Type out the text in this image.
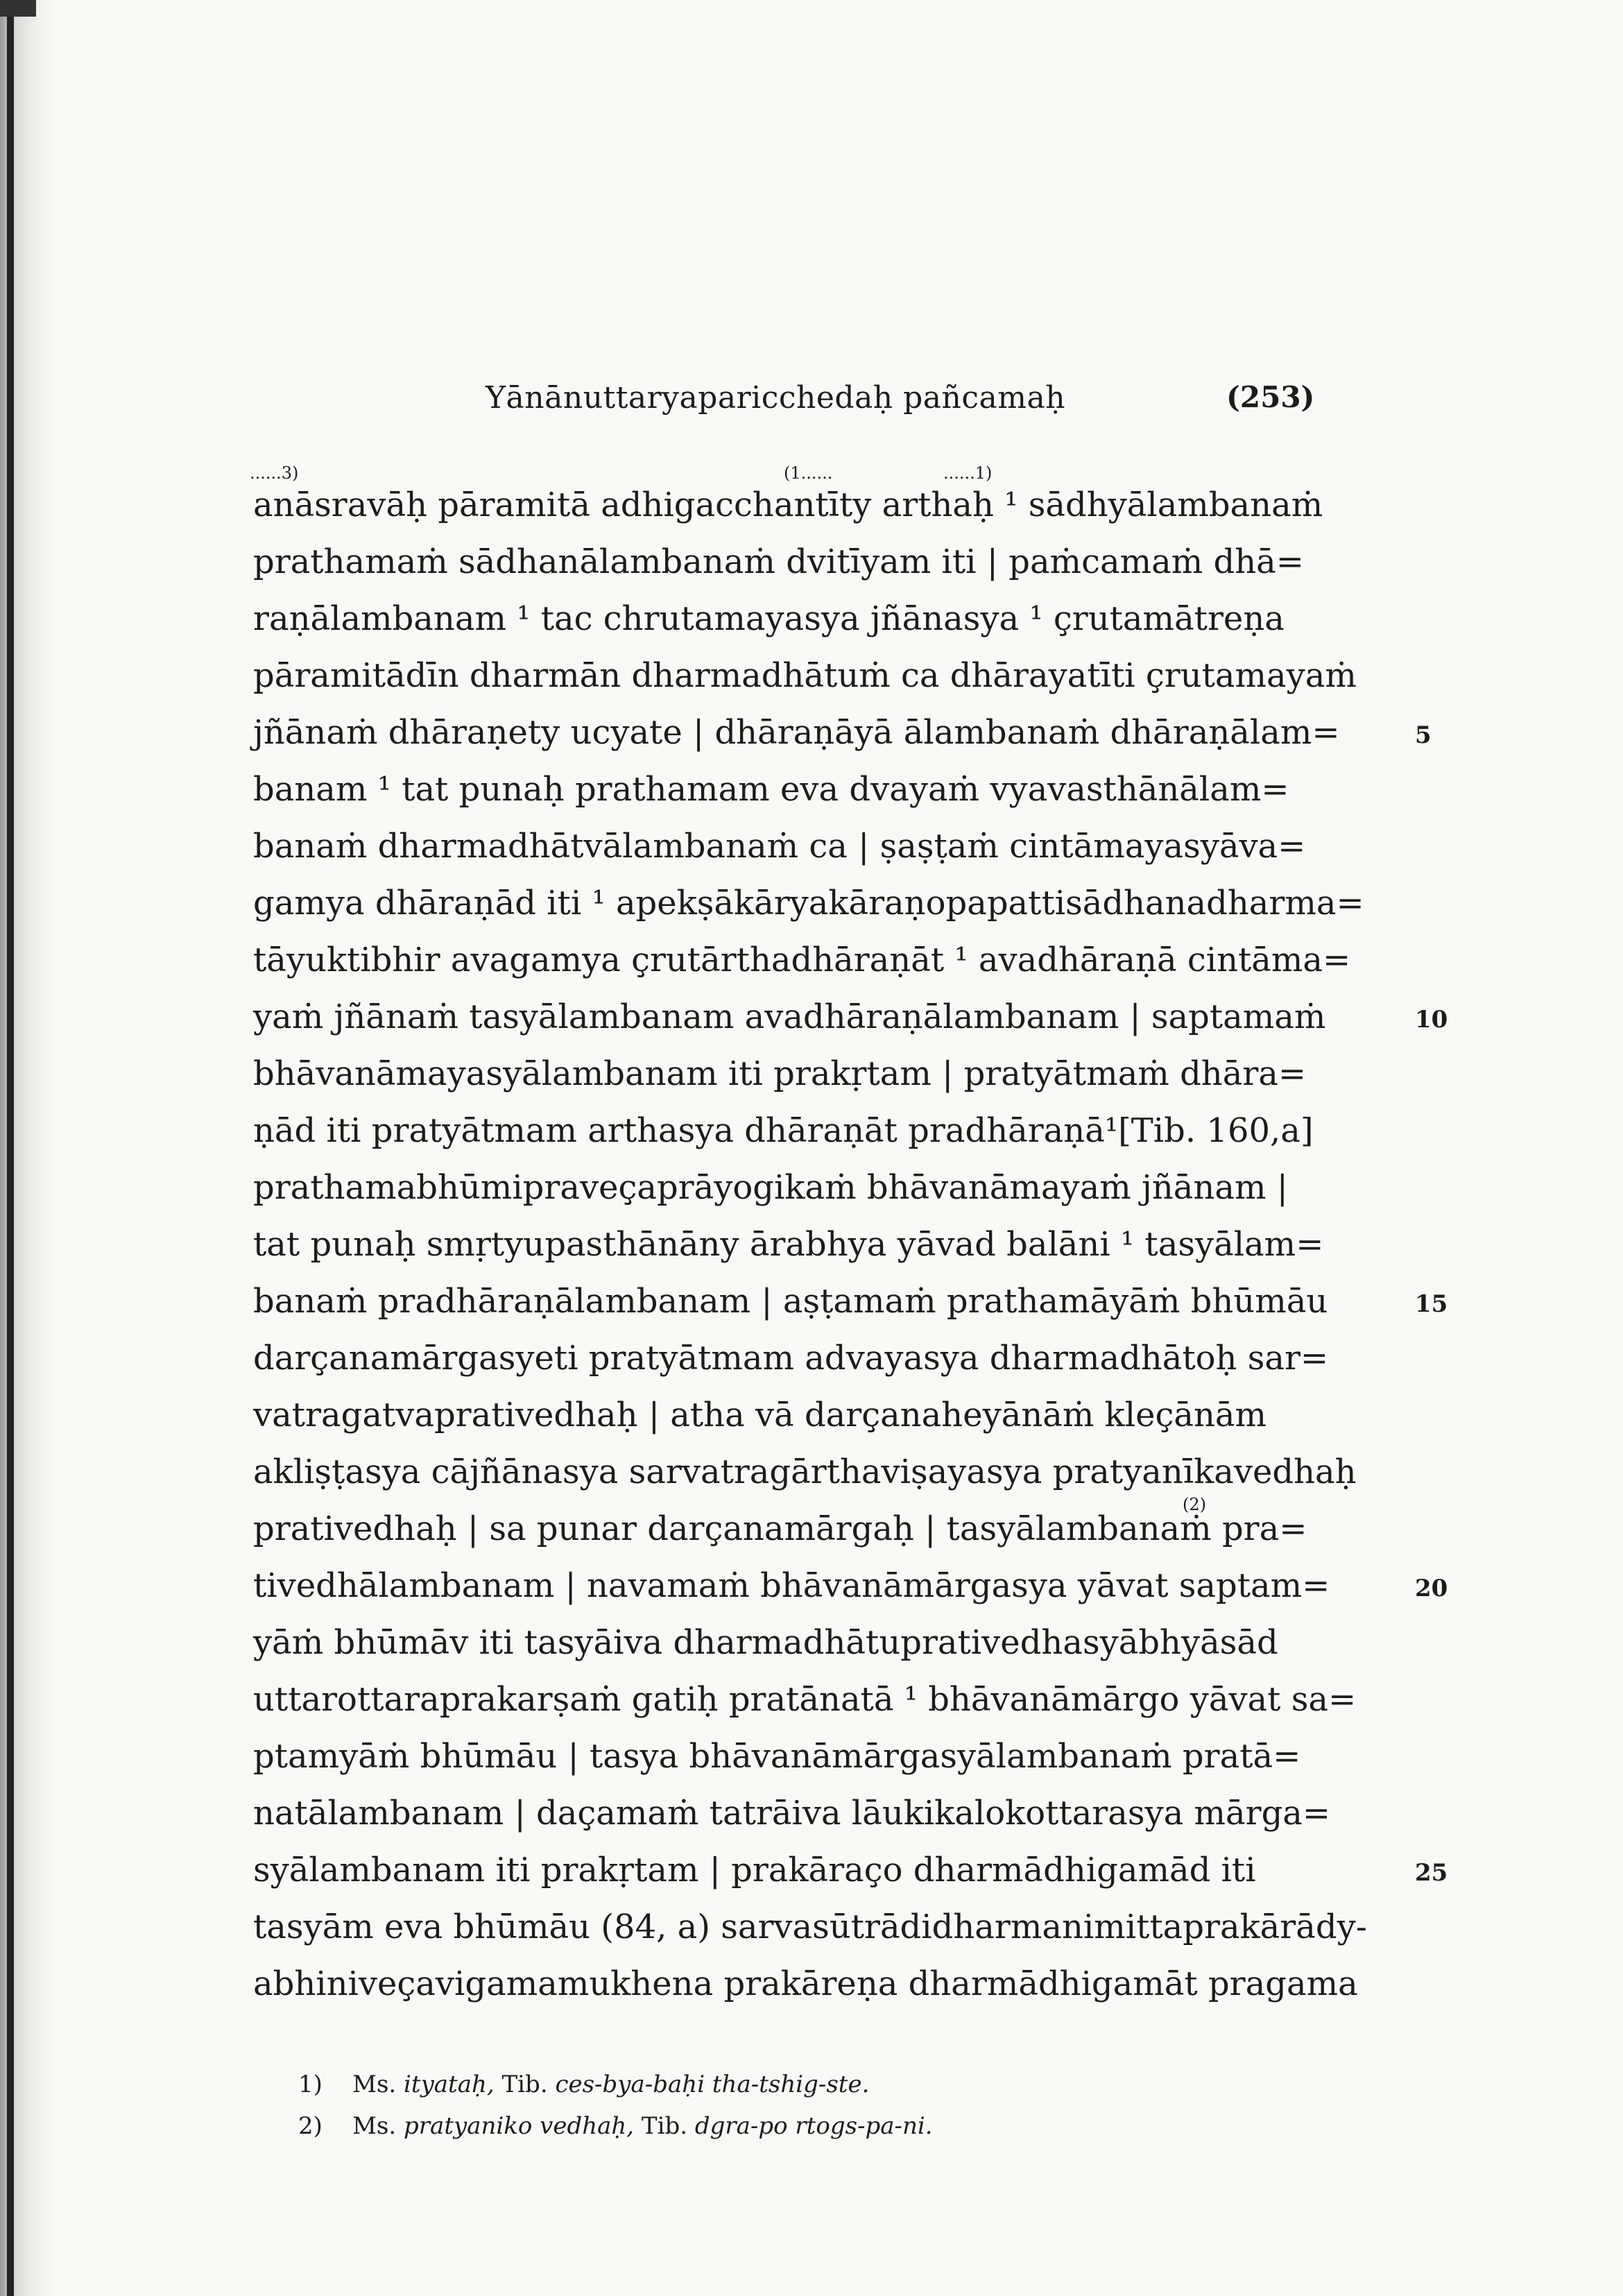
Yānānuttaryaparicchedaḥ pañcamaḥ	(253)
......3)	(1......	......1)
anāsravāḥ pāramitā adhigacchantīty arthaḥ ¹ sādhyālambanaṁ
prathamaṁ sādhanālambanaṁ dvitīyam iti | paṁcamaṁ dhā=
raṇālambanam ¹ tac chrutamayasya jñānasya ¹ çrutamātreṇa
pāramitādīn dharmān dharmadhātuṁ ca dhārayatīti çrutamayaṁ
jñānaṁ dhāraṇety ucyate | dhāraṇāyā ālambanaṁ dhāraṇālam=
banam ¹ tat punaḥ prathamam eva dvayaṁ vyavasthānālam=
banaṁ dharmadhātvālambanaṁ ca | ṣaṣṭaṁ cintāmayasyāva=
gamya dhāraṇād iti ¹ apekṣākāryakāraṇopapattisādhanadharma=
tāyuktibhir avagamya çrutārthadhāraṇāt ¹ avadhāraṇā cintāma=
yaṁ jñānaṁ tasyālambanam avadhāraṇālambanam | saptamaṁ
bhāvanāmayasyālambanam iti prakṛtam | pratyātmaṁ dhāra=
ṇād iti pratyātmam arthasya dhāraṇāt pradhāraṇā¹[Tib. 160,a]
prathamabhūmipraveçaprāyogikaṁ bhāvanāmayaṁ jñānam |
tat punaḥ smṛtyupasthānāny ārabhya yāvad balāni ¹ tasyālam=
banaṁ pradhāraṇālambanam | aṣṭamaṁ prathamāyāṁ bhūmāu
darçanamārgasyeti pratyātmam advayasya dharmadhātoḥ sar=
vatragatvaprativedhaḥ | atha vā darçanaheyānāṁ kleçānām
akliṣṭasya cājñānasya sarvatragārthaviṣayasya pratyanīkavedhaḥ
prativedhaḥ | sa punar darçanamārgaḥ | tasyālambanaṁ pra=
tivedhālambanam | navamaṁ bhāvanāmārgasya yāvat saptam=
yāṁ bhūmāv iti tasyāiva dharmadhātuprativedhasyābhyāsād
uttarottaraprakarṣaṁ gatiḥ pratānatā ¹ bhāvanāmārgo yāvat sa=
ptamyāṁ bhūmāu | tasya bhāvanāmārgasyālambanaṁ pratā=
natālambanam | daçamaṁ tatrāiva lāukikalokottarasya mārga=
syālambanam iti prakṛtam | prakāraço dharmādhigamād iti
tasyām eva bhūmāu (84, a) sarvasūtrādidharmanimittaprakārādy-
abhiniveçavigamamukhena prakāreṇa dharmādhigamāt pragama
(2)
5
10
15
20
25
1) Ms. ityataḥ, Tib. ces-bya-baḥi tha-tshig-ste.
2) Ms. pratyaniko vedhaḥ, Tib. dgra-po rtogs-pa-ni.
